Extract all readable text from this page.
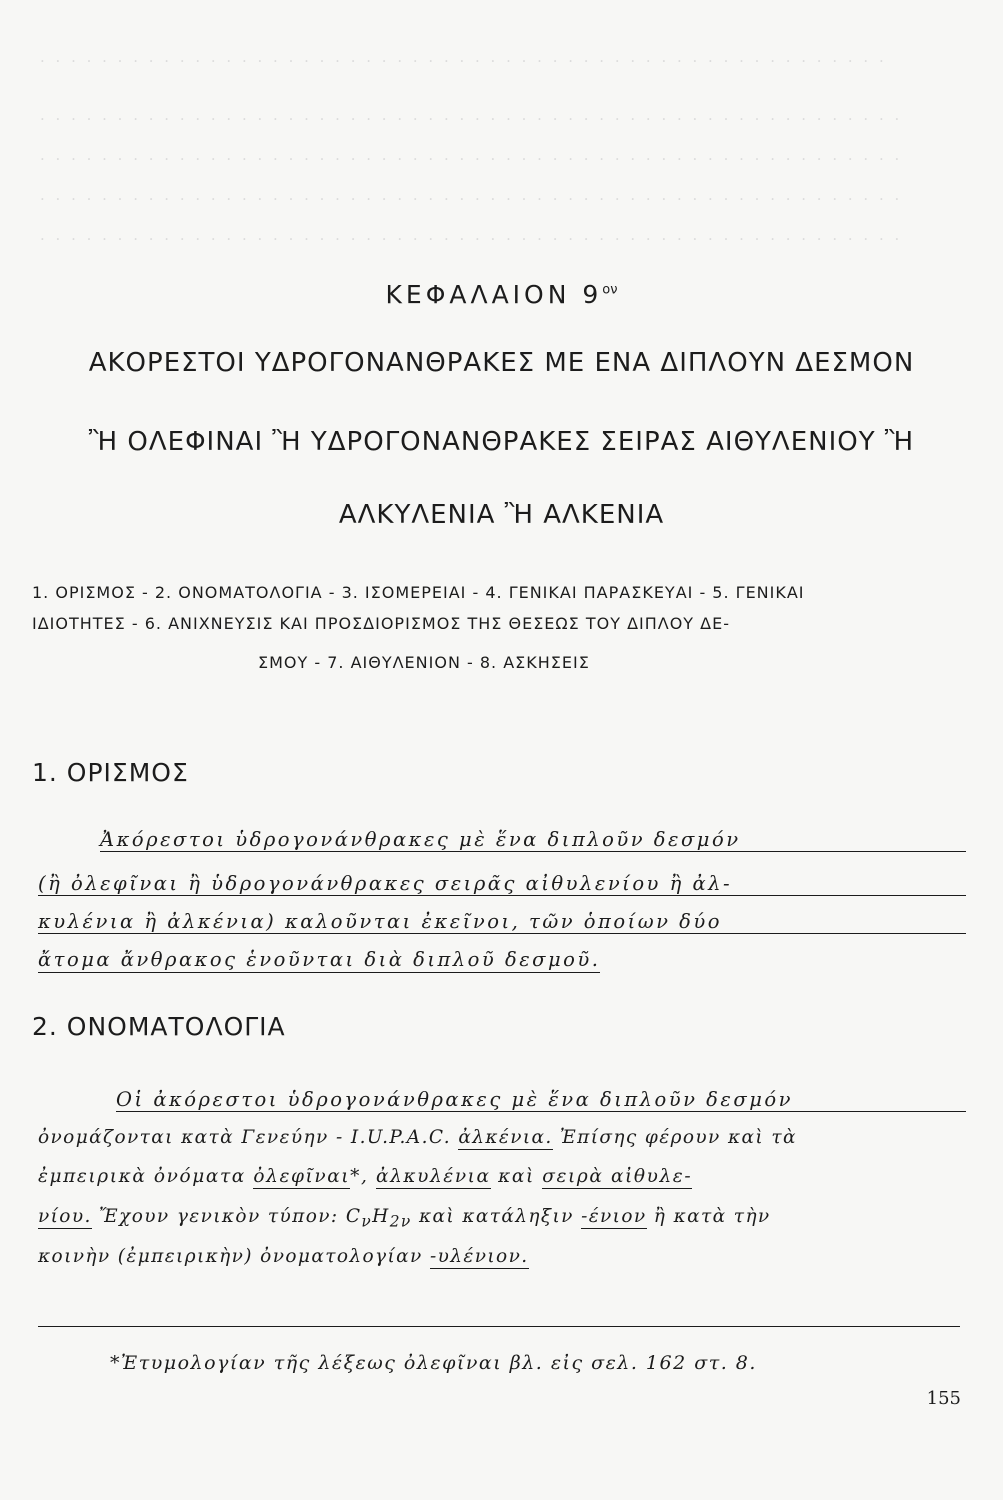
· · · · · · · · · · · · · · · · · · · · · · · · · · · · · · · · · · · · · · · · · · · · · · · · · · · · · · ·
· · · · · · · · · · · · · · · · · · · · · · · · · · · · · · · · · · · · · · · · · · · · · · · · · · · · · · · ·
· · · · · · · · · · · · · · · · · · · · · · · · · · · · · · · · · · · · · · · · · · · · · · · · · · · · · · · ·
· · · · · · · · · · · · · · · · · · · · · · · · · · · · · · · · · · · · · · · · · · · · · · · · · · · · · · · ·
· · · · · · · · · · · · · · · · · · · · · · · · · · · · · · · · · · · · · · · · · · · · · · · · · · · · · · · ·
ΚΕΦΑΛΑΙΟΝ $9^{o\nu}$
ΑΚΟΡΕΣΤΟΙ ΥΔΡΟΓΟΝΑΝΘΡΑΚΕΣ ΜΕ ΕΝΑ ΔΙΠΛΟΥΝ ΔΕΣΜΟΝ
Ἢ ΟΛΕΦΙΝΑΙ Ἢ ΥΔΡΟΓΟΝΑΝΘΡΑΚΕΣ ΣΕΙΡΑΣ ΑΙΘΥΛΕΝΙΟΥ Ἢ
ΑΛΚΥΛΕΝΙΑ Ἢ ΑΛΚΕΝΙΑ
1. ΟΡΙΣΜΟΣ - 2. ΟΝΟΜΑΤΟΛΟΓΙΑ - 3. ΙΣΟΜΕΡΕΙΑΙ - 4. ΓΕΝΙΚΑΙ ΠΑΡΑΣΚΕΥΑΙ - 5. ΓΕΝΙΚΑΙ
ΙΔΙΟΤΗΤΕΣ - 6. ΑΝΙΧΝΕΥΣΙΣ ΚΑΙ ΠΡΟΣΔΙΟΡΙΣΜΟΣ ΤΗΣ ΘΕΣΕΩΣ ΤΟΥ ΔΙΠΛΟΥ ΔΕ-
ΣΜΟΥ - 7. ΑΙΘΥΛΕΝΙΟΝ - 8. ΑΣΚΗΣΕΙΣ
1. ΟΡΙΣΜΟΣ
Ἀκόρεστοι ὑδρογονάνθρακες μὲ ἕνα διπλοῦν δεσμόν
(ἢ ὀλεφῖναι ἢ ὑδρογονάνθρακες σειρᾶς αἰθυλενίου ἢ ἀλ-
κυλένια ἢ ἀλκένια) καλοῦνται ἐκεῖνοι, τῶν ὁποίων δύο
ἄτομα ἄνθρακος ἑνοῦνται διὰ διπλοῦ δεσμοῦ.
2. ΟΝΟΜΑΤΟΛΟΓΙΑ
Οἱ ἀκόρεστοι ὑδρογονάνθρακες μὲ ἕνα διπλοῦν δεσμόν
ὀνομάζονται κατὰ Γενεύην - I.U.P.A.C. ἀλκένια. Ἐπίσης φέρουν καὶ τὰ
ἐμπειρικὰ ὀνόματα ὀλεφῖναι*, ἀλκυλένια καὶ σειρὰ αἰθυλε-
νίου. Ἔχουν γενικὸν τύπον: $C_\nu H_{2\nu}$ καὶ κατάληξιν -ένιον ἢ κατὰ τὴν
κοινὴν (ἐμπειρικὴν) ὀνοματολογίαν -υλένιον.
*Ἐτυμολογίαν τῆς λέξεως ὀλεφῖναι βλ. εἰς σελ. 162 στ. 8.
155
